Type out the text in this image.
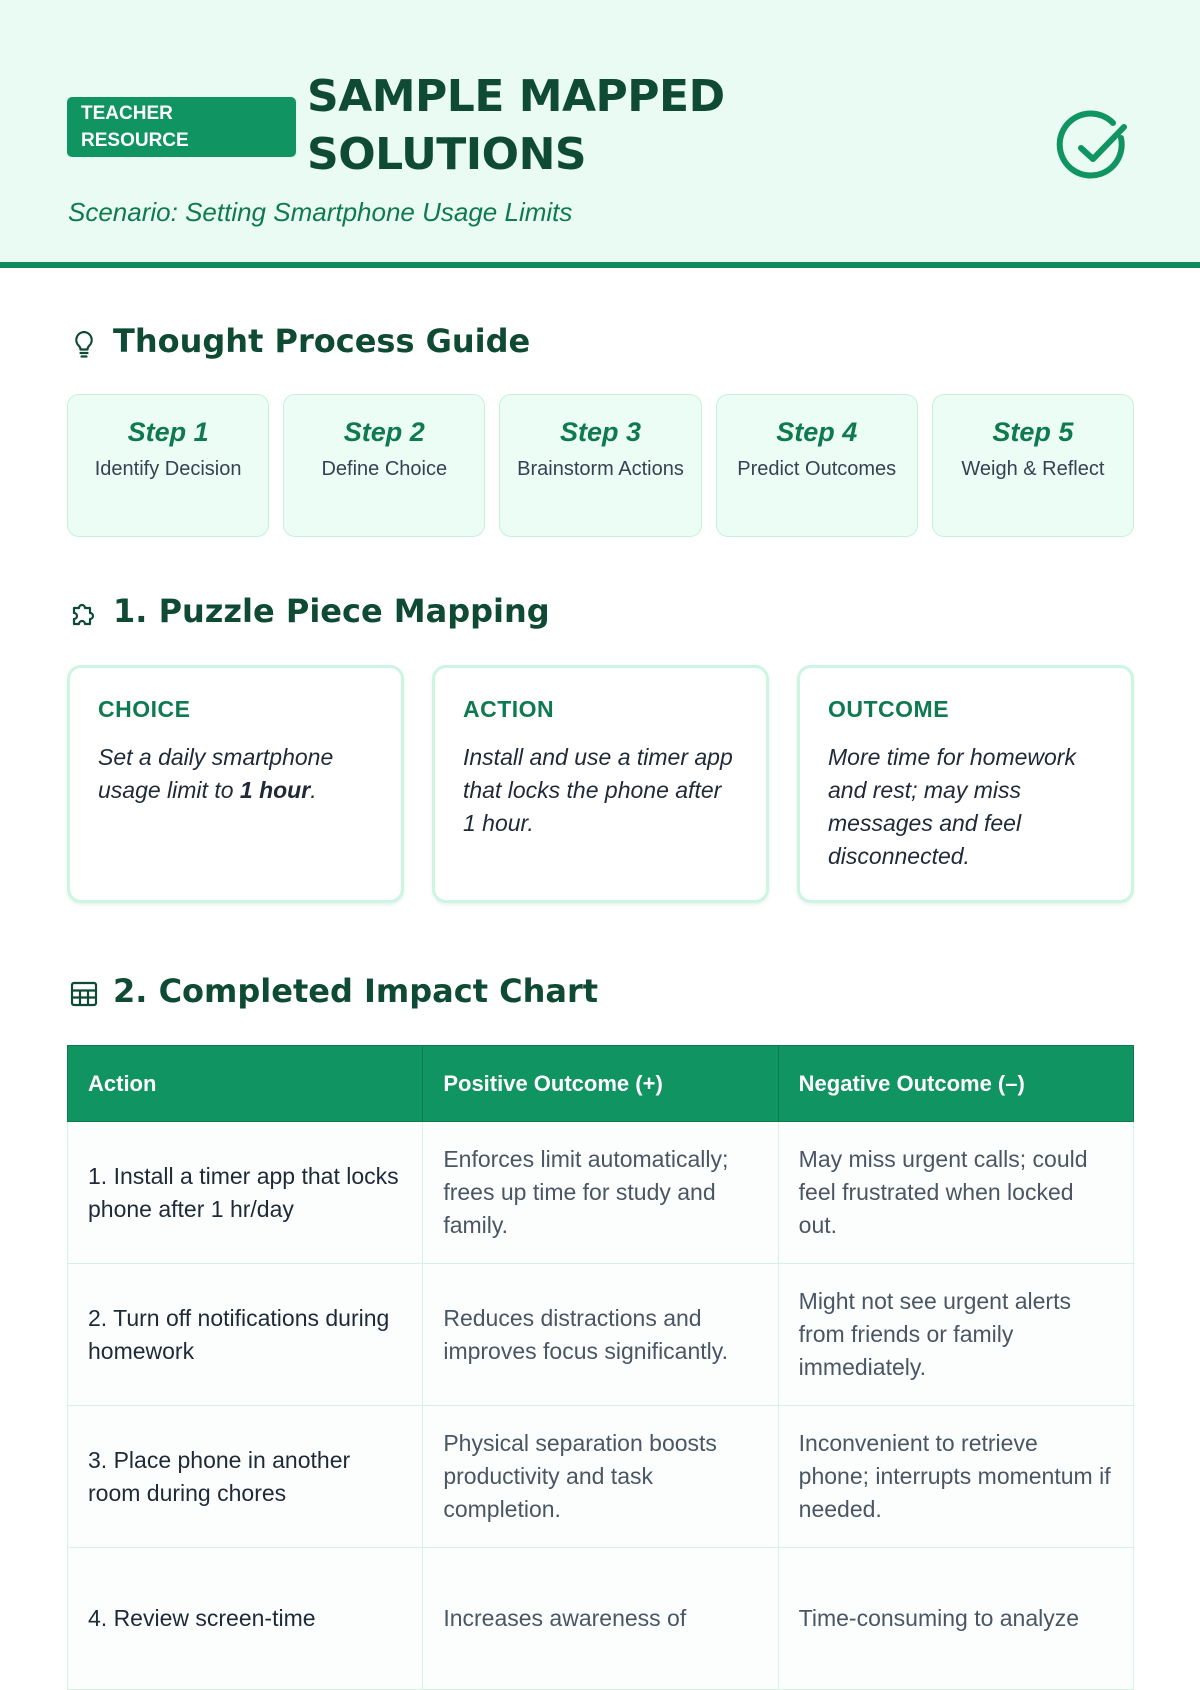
TEACHER RESOURCE
SAMPLE MAPPED SOLUTIONS
Scenario: Setting Smartphone Usage Limits
Thought Process Guide
Step 1
Identify Decision
Step 2
Define Choice
Step 3
Brainstorm Actions
Step 4
Predict Outcomes
Step 5
Weigh & Reflect
1. Puzzle Piece Mapping
CHOICE
Set a daily smartphone usage limit to 1 hour.
ACTION
Install and use a timer app that locks the phone after 1 hour.
OUTCOME
More time for homework and rest; may miss messages and feel disconnected.
2. Completed Impact Chart
Action	Positive Outcome (+)	Negative Outcome (–)
1. Install a timer app that locks phone after 1 hr/day	Enforces limit automatically; frees up time for study and family.	May miss urgent calls; could feel frustrated when locked out.
2. Turn off notifications during homework	Reduces distractions and improves focus significantly.	Might not see urgent alerts from friends or family immediately.
3. Place phone in another room during chores	Physical separation boosts productivity and task completion.	Inconvenient to retrieve phone; interrupts momentum if needed.
4. Review screen-time	Increases awareness of	Time-consuming to analyze
